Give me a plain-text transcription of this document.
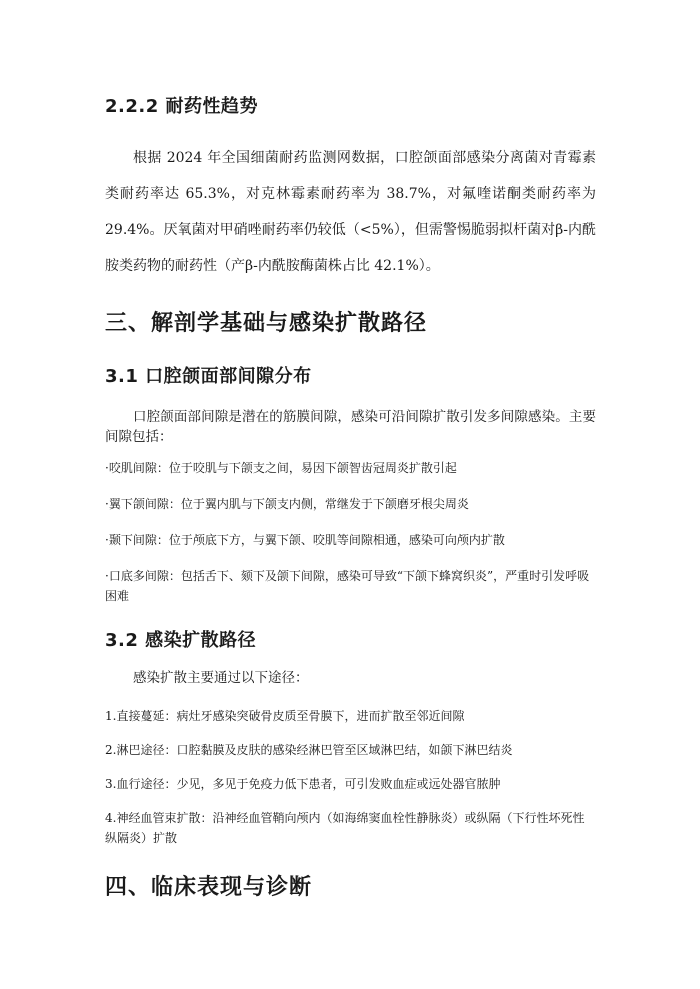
2.2.2 耐药性趋势

根据 2024 年全国细菌耐药监测网数据，口腔颌面部感染分离菌对青霉素类耐药率达 65.3%，对克林霉素耐药率为 38.7%，对氟喹诺酮类耐药率为 29.4%。厌氧菌对甲硝唑耐药率仍较低（<5%），但需警惕脆弱拟杆菌对β-内酰胺类药物的耐药性（产β-内酰胺酶菌株占比 42.1%）。

三、解剖学基础与感染扩散路径
3.1 口腔颌面部间隙分布

口腔颌面部间隙是潜在的筋膜间隙，感染可沿间隙扩散引发多间隙感染。主要间隙包括：

·咬肌间隙：位于咬肌与下颌支之间，易因下颌智齿冠周炎扩散引起

·翼下颌间隙：位于翼内肌与下颌支内侧，常继发于下颌磨牙根尖周炎

·颞下间隙：位于颅底下方，与翼下颌、咬肌等间隙相通，感染可向颅内扩散

·口底多间隙：包括舌下、颏下及颌下间隙，感染可导致“下颌下蜂窝织炎”，严重时引发呼吸困难

3.2 感染扩散路径

感染扩散主要通过以下途径：

1.直接蔓延：病灶牙感染突破骨皮质至骨膜下，进而扩散至邻近间隙

2.淋巴途径：口腔黏膜及皮肤的感染经淋巴管至区域淋巴结，如颌下淋巴结炎

3.血行途径：少见，多见于免疫力低下患者，可引发败血症或远处器官脓肿

4.神经血管束扩散：沿神经血管鞘向颅内（如海绵窦血栓性静脉炎）或纵隔（下行性坏死性纵隔炎）扩散

四、临床表现与诊断
